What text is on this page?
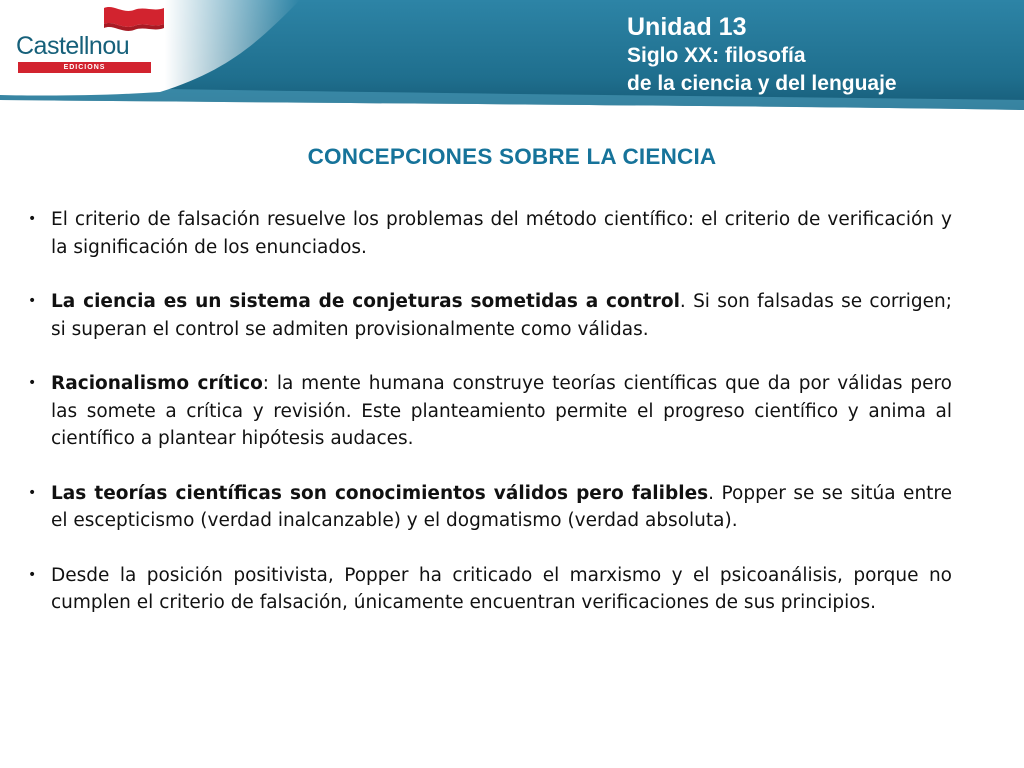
Castellnou
EDICIONS
Unidad 13
Siglo XX: filosofía
de la ciencia y del lenguaje
CONCEPCIONES SOBRE LA CIENCIA
• El criterio de falsación resuelve los problemas del método científico: el criterio de verificación y la significación de los enunciados.
• La ciencia es un sistema de conjeturas sometidas a control. Si son falsadas se corrigen; si superan el control se admiten provisionalmente como válidas.
• Racionalismo crítico: la mente humana construye teorías científicas que da por válidas pero las somete a crítica y revisión. Este planteamiento permite el progreso científico y anima al científico a plantear hipótesis audaces.
• Las teorías científicas son conocimientos válidos pero falibles. Popper se se sitúa entre el escepticismo (verdad inalcanzable) y el dogmatismo (verdad absoluta).
• Desde la posición positivista, Popper ha criticado el marxismo y el psicoanálisis, porque no cumplen el criterio de falsación, únicamente encuentran verificaciones de sus principios.
